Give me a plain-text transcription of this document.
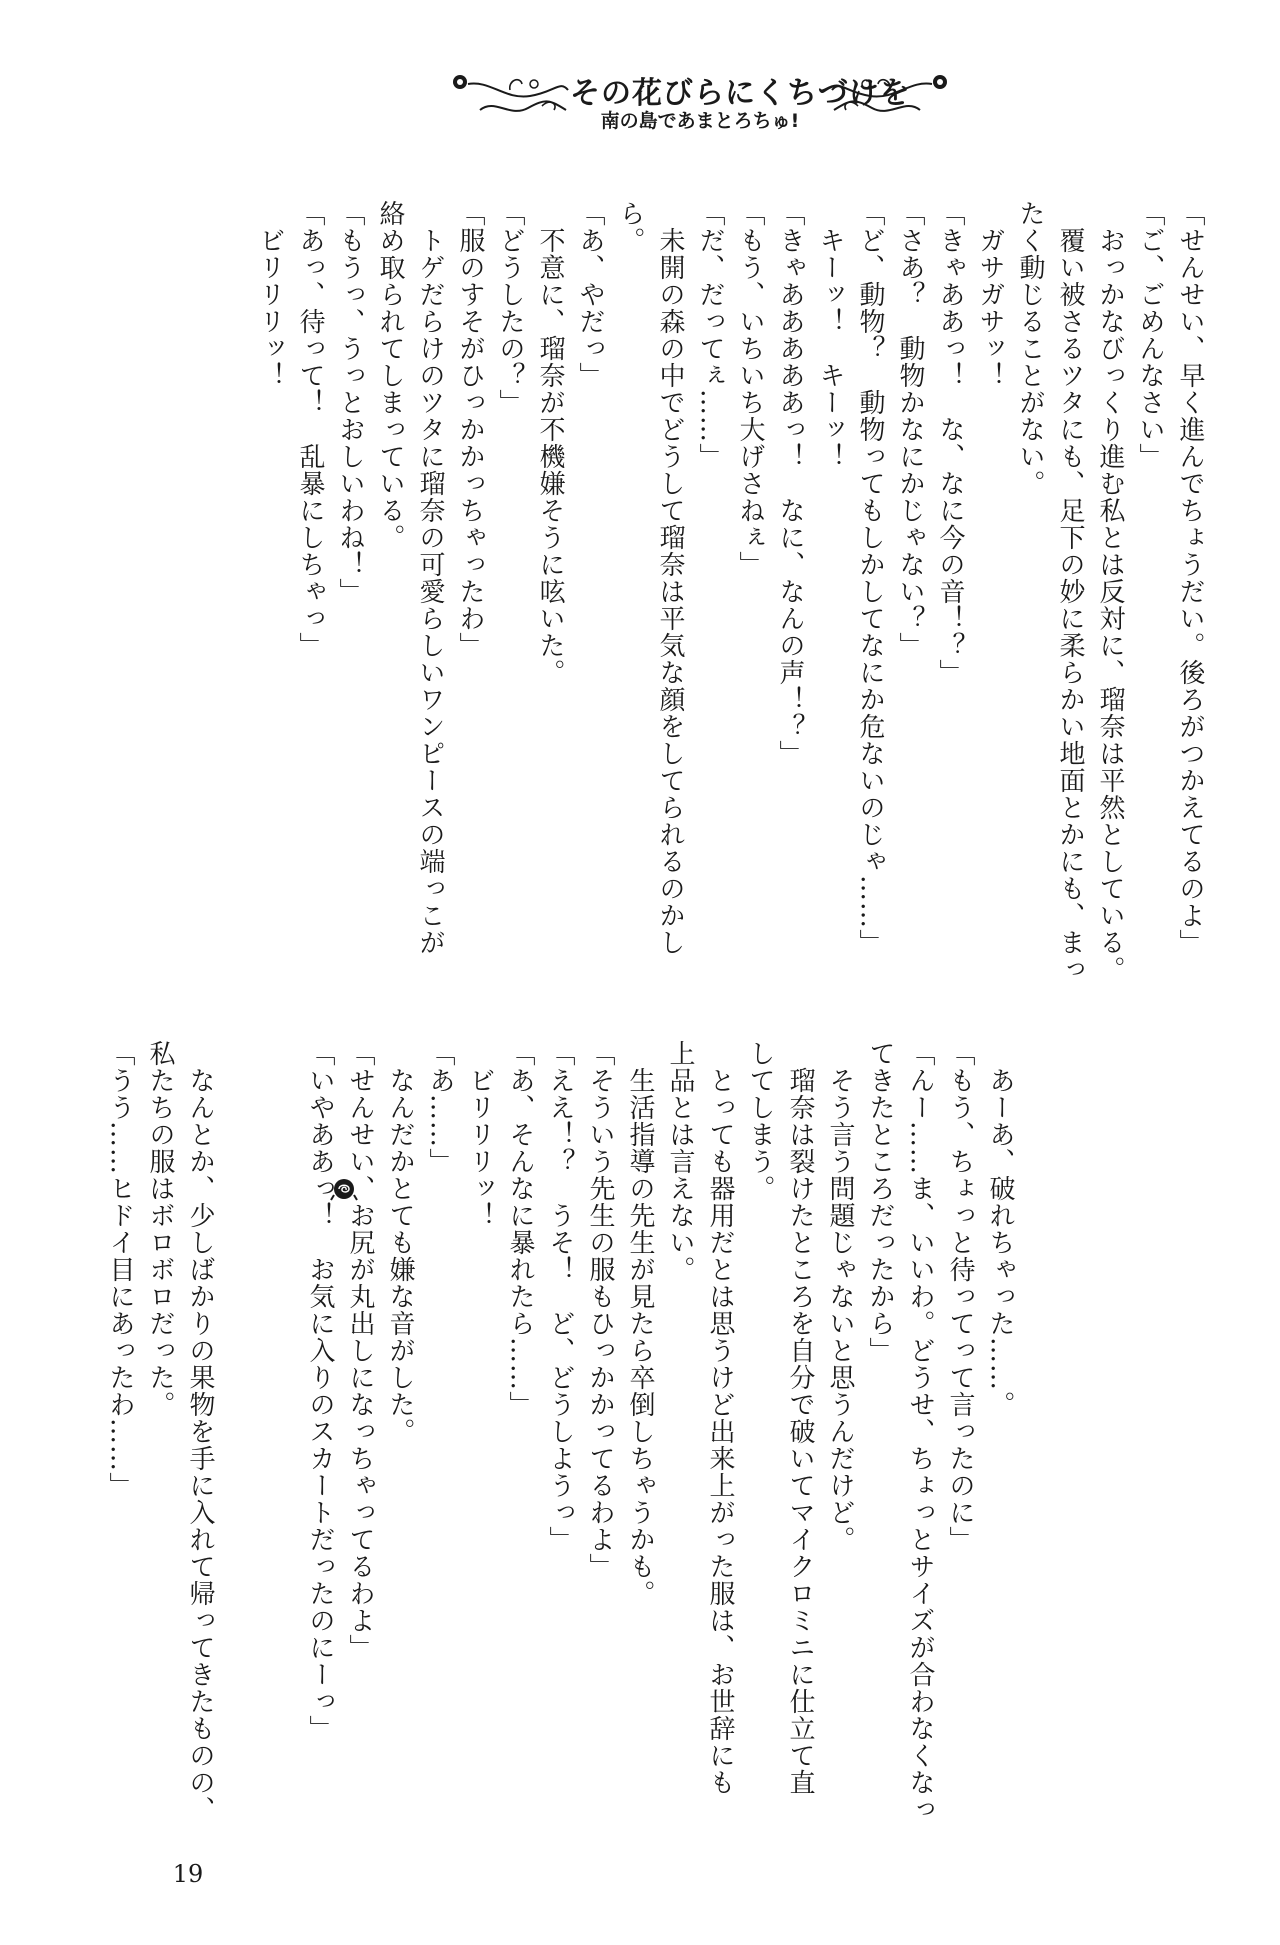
その花びらにくちづけを
南の島であまとろちゅ!
「せんせい、早く進んでちょうだい。後ろがつかえてるのよ」
「ご、ごめんなさい」
　おっかなびっくり進む私とは反対に、瑠奈は平然としている。
　覆い被さるツタにも、足下の妙に柔らかい地面とかにも、まっ
たく動じることがない。
　ガサガサッ！
「きゃああっ！　な、なに今の音！？」
「さあ？　動物かなにかじゃない？」
「ど、動物？　動物ってもしかしてなにか危ないのじゃ……」
　キーッ！　キーッ！
「きゃあああああっ！　なに、なんの声！？」
「もう、いちいち大げさねぇ」
「だ、だってぇ……」
　未開の森の中でどうして瑠奈は平気な顔をしてられるのかし
ら。
「あ、やだっ」
　不意に、瑠奈が不機嫌そうに呟いた。
「どうしたの？」
「服のすそがひっかかっちゃったわ」
　トゲだらけのツタに瑠奈の可愛らしいワンピースの端っこが
絡め取られてしまっている。
「もうっ、うっとおしいわね！」
「あっ、待って！　乱暴にしちゃっ」
　ビリリリッ！
　あーあ、破れちゃった……。
「もう、ちょっと待ってって言ったのに」
「んー……ま、いいわ。どうせ、ちょっとサイズが合わなくなっ
てきたところだったから」
　そう言う問題じゃないと思うんだけど。
　瑠奈は裂けたところを自分で破いてマイクロミニに仕立て直
してしまう。
　とっても器用だとは思うけど出来上がった服は、お世辞にも
上品とは言えない。
　生活指導の先生が見たら卒倒しちゃうかも。
「そういう先生の服もひっかかってるわよ」
「ええ！？　うそ！　ど、どうしようっ」
「あ、そんなに暴れたら……」
　ビリリリッ！
「あ……」
　なんだかとても嫌な音がした。
「せんせい、お尻が丸出しになっちゃってるわよ」
「いやああっ！　お気に入りのスカートだったのにーっ」

　なんとか、少しばかりの果物を手に入れて帰ってきたものの、
私たちの服はボロボロだった。
「うう……ヒドイ目にあったわ……」
19
